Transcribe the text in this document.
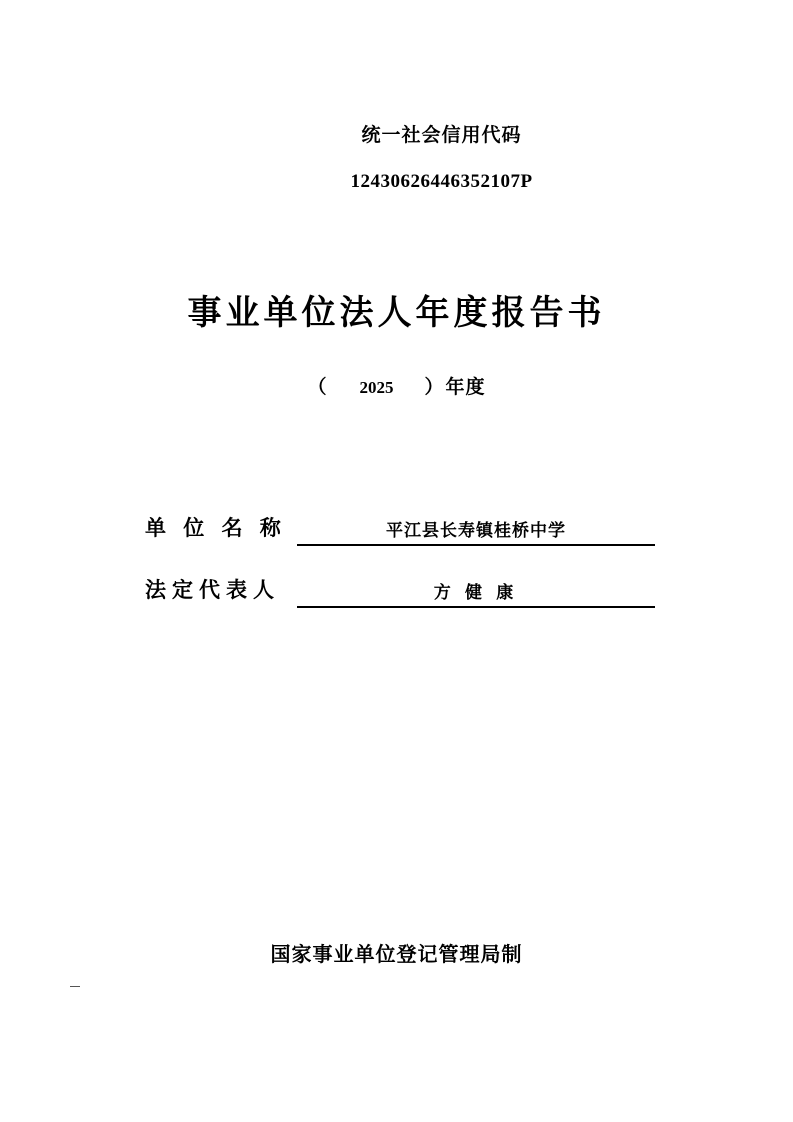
统一社会信用代码
12430626446352107P
事业单位法人年度报告书
（ 2025 ）年度
单 位 名 称	平江县长寿镇桂桥中学
法定代表人	方 健 康
国家事业单位登记管理局制
